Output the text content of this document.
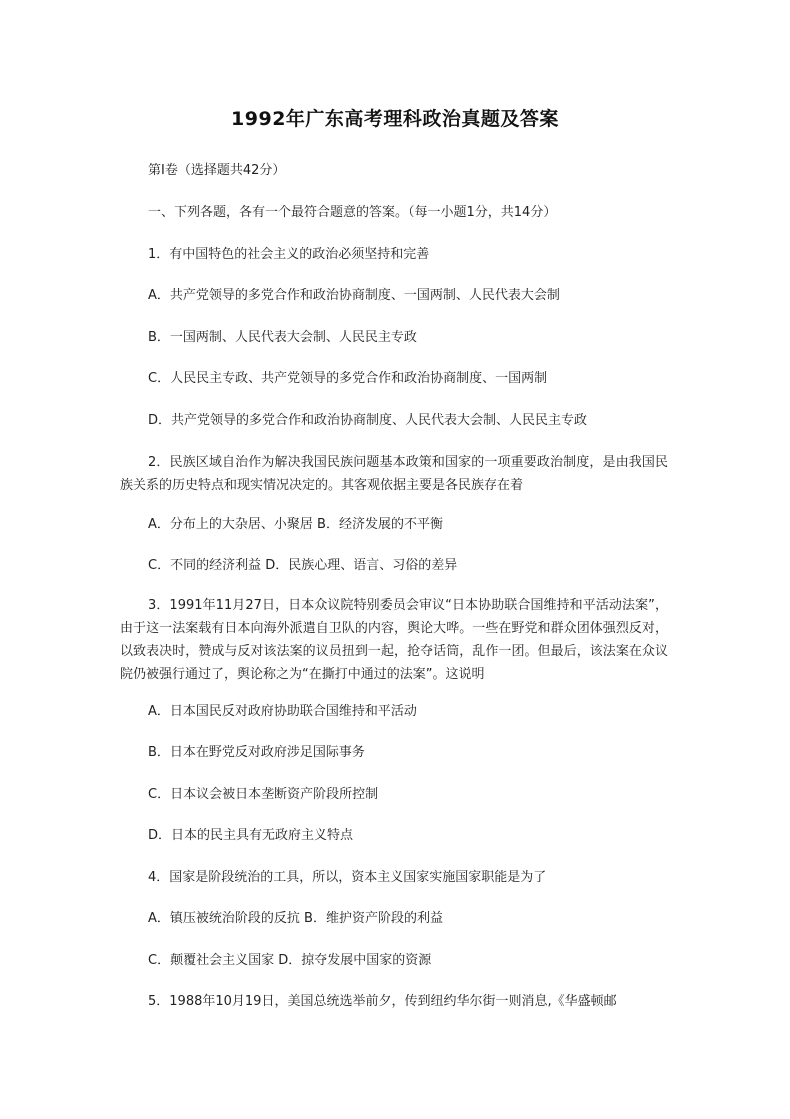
1992年广东高考理科政治真题及答案
第Ⅰ卷（选择题共42分）
一、下列各题，各有一个最符合题意的答案。（每一小题1分，共14分）
1．有中国特色的社会主义的政治必须坚持和完善
A．共产党领导的多党合作和政治协商制度、一国两制、人民代表大会制
B．一国两制、人民代表大会制、人民民主专政
C．人民民主专政、共产党领导的多党合作和政治协商制度、一国两制
D．共产党领导的多党合作和政治协商制度、人民代表大会制、人民民主专政
2．民族区域自治作为解决我国民族问题基本政策和国家的一项重要政治制度，是由我国民族关系的历史特点和现实情况决定的。其客观依据主要是各民族存在着
A．分布上的大杂居、小聚居 B．经济发展的不平衡
C．不同的经济利益 D．民族心理、语言、习俗的差异
3．1991年11月27日，日本众议院特别委员会审议“日本协助联合国维持和平活动法案”，由于这一法案载有日本向海外派遣自卫队的内容，舆论大哗。一些在野党和群众团体强烈反对，以致表决时，赞成与反对该法案的议员扭到一起，抢夺话筒，乱作一团。但最后，该法案在众议院仍被强行通过了，舆论称之为“在撕打中通过的法案”。这说明
A．日本国民反对政府协助联合国维持和平活动
B．日本在野党反对政府涉足国际事务
C．日本议会被日本垄断资产阶段所控制
D．日本的民主具有无政府主义特点
4．国家是阶段统治的工具，所以，资本主义国家实施国家职能是为了
A．镇压被统治阶段的反抗 B．维护资产阶段的利益
C．颠覆社会主义国家 D．掠夺发展中国家的资源
5．1988年10月19日，美国总统选举前夕，传到纽约华尔街一则消息,《华盛顿邮
